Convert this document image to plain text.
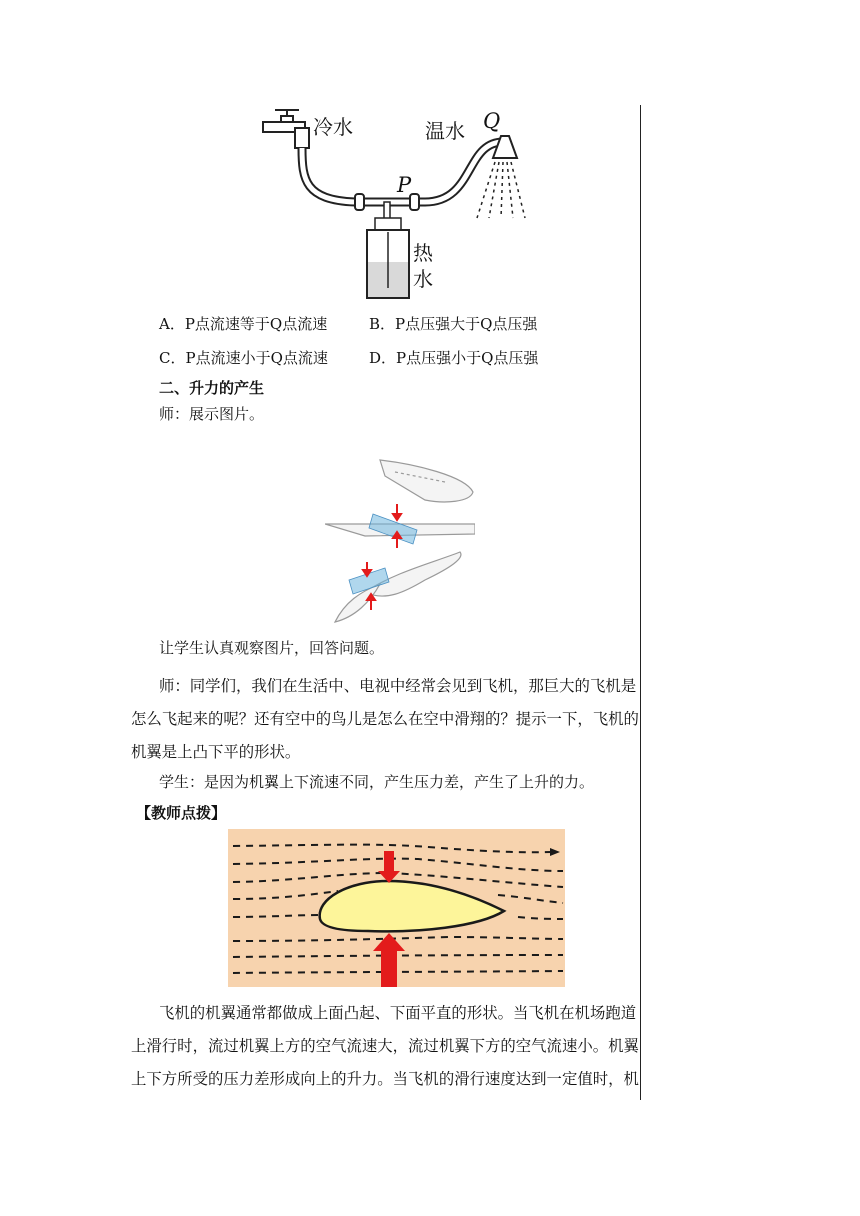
冷水	温水 Q
P
热
水
A．P点流速等于Q点流速	B．P点压强大于Q点压强
C．P点流速小于Q点流速	D．P点压强小于Q点压强
二、升力的产生
师：展示图片。
让学生认真观察图片，回答问题。
师：同学们，我们在生活中、电视中经常会见到飞机，那巨大的飞机是
怎么飞起来的呢？还有空中的鸟儿是怎么在空中滑翔的？提示一下，飞机的
机翼是上凸下平的形状。
学生：是因为机翼上下流速不同，产生压力差，产生了上升的力。
【教师点拨】
飞机的机翼通常都做成上面凸起、下面平直的形状。当飞机在机场跑道
上滑行时，流过机翼上方的空气流速大，流过机翼下方的空气流速小。机翼
上下方所受的压力差形成向上的升力。当飞机的滑行速度达到一定值时，机
